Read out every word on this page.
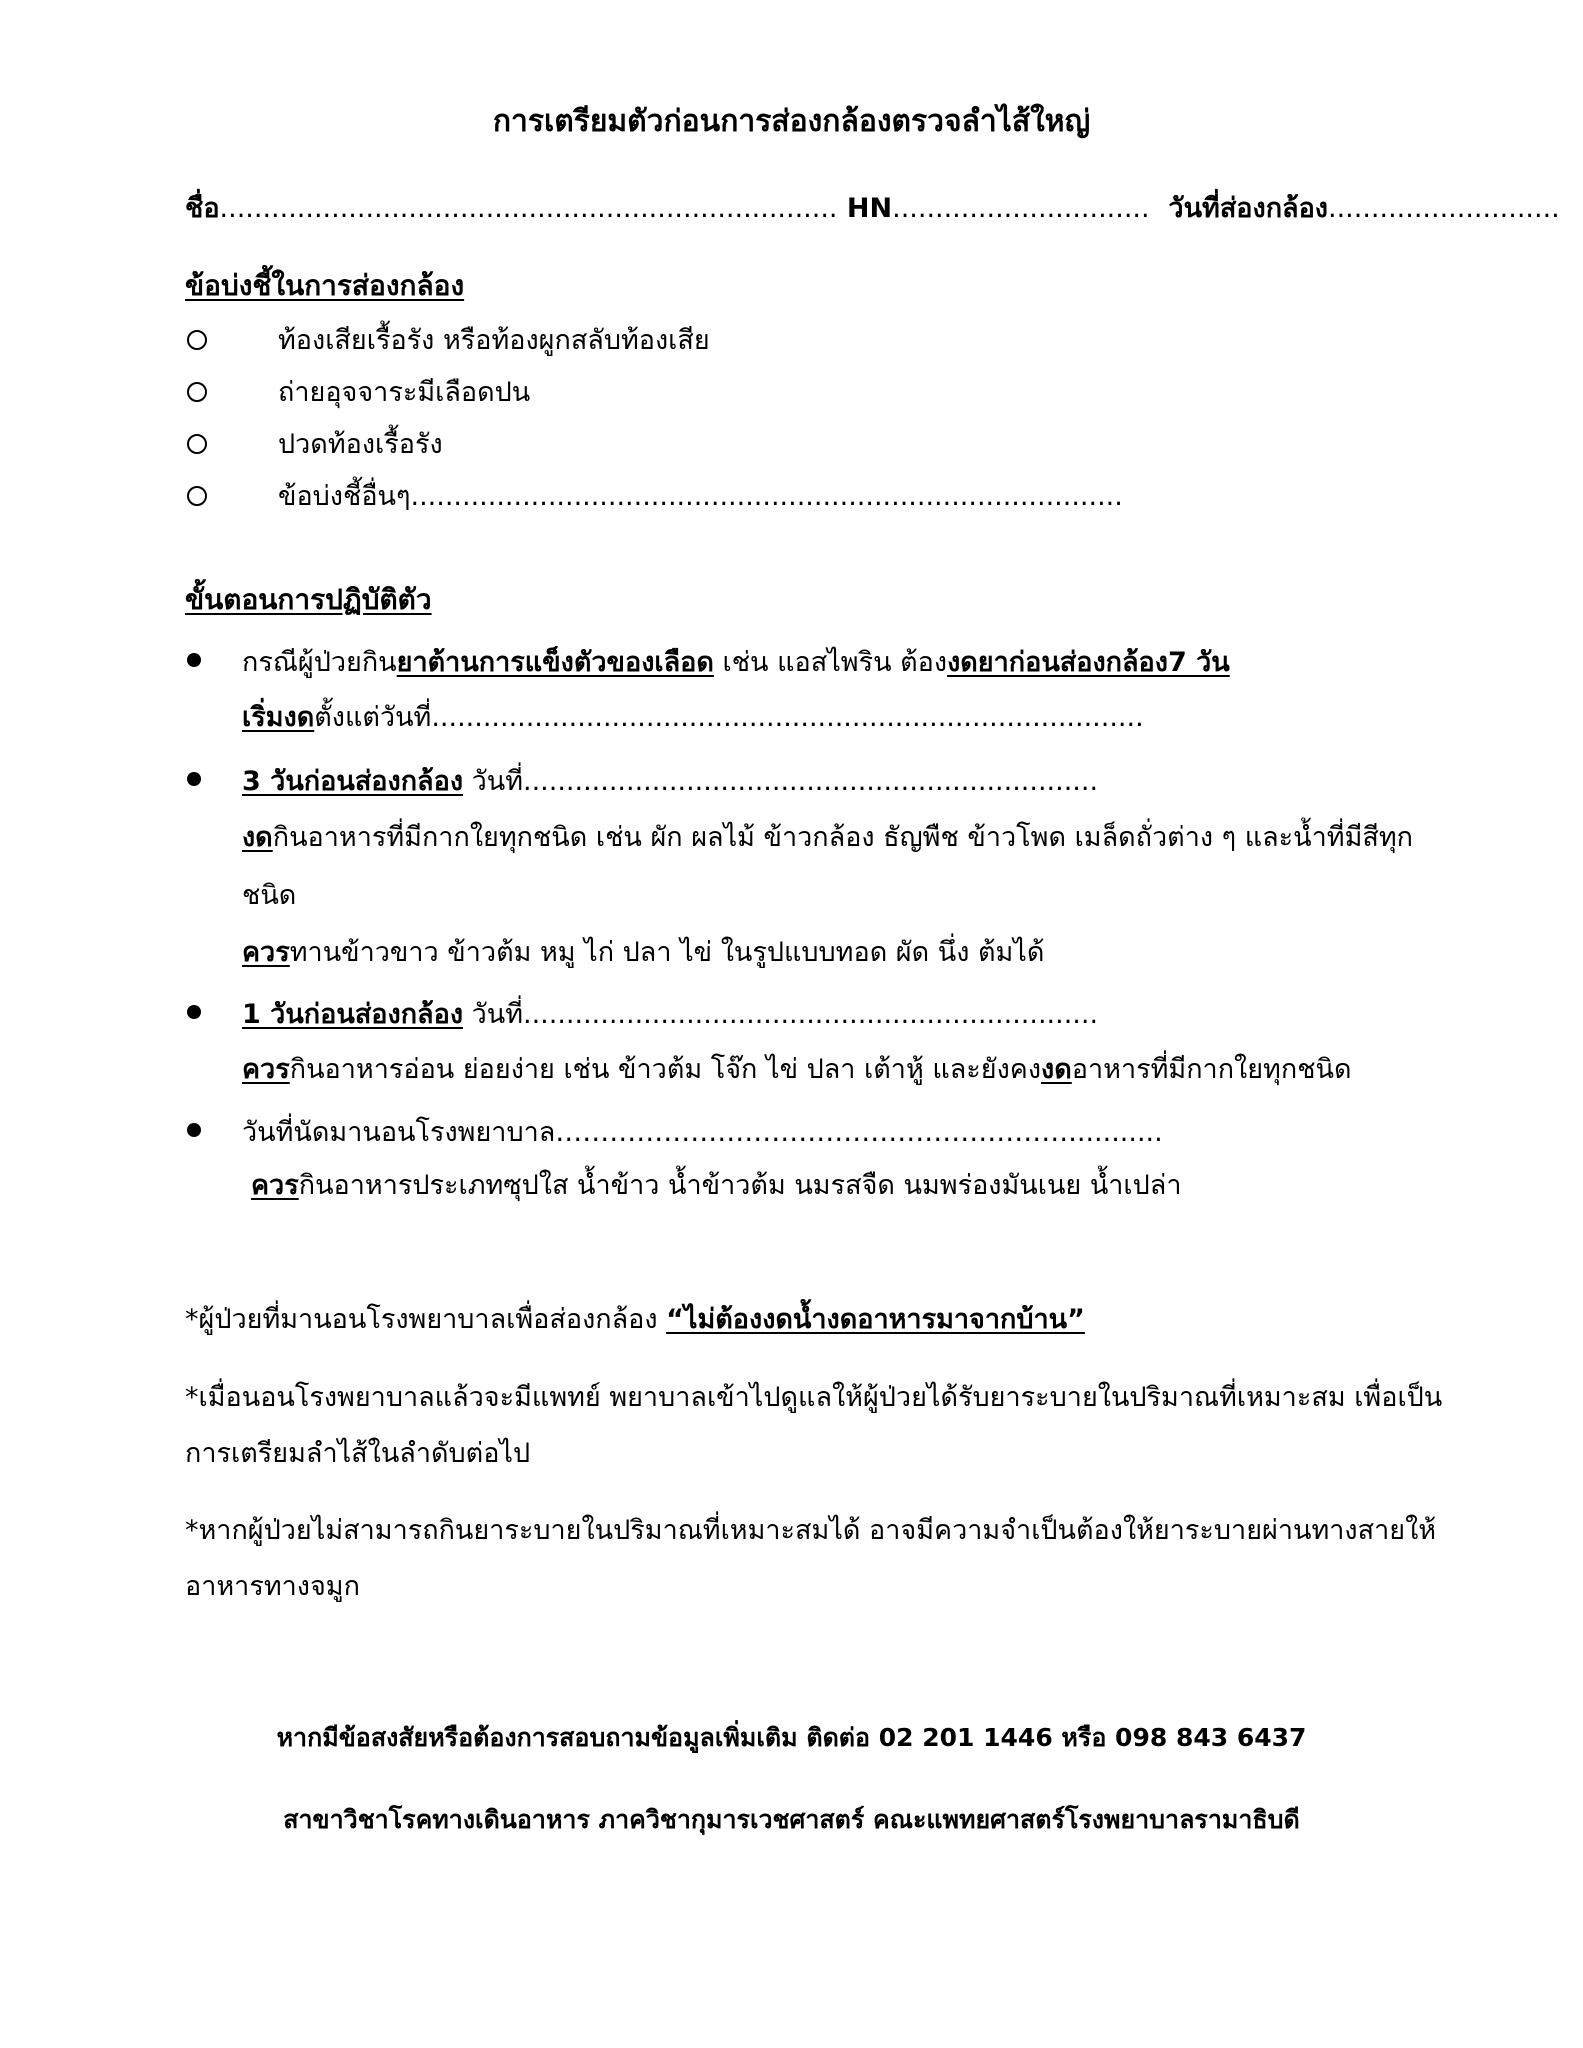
การเตรียมตัวก่อนการส่องกล้องตรวจลำไส้ใหญ่
ชื่อ........................................................................ HN.............................. วันที่ส่องกล้อง...........................
ข้อบ่งชี้ในการส่องกล้อง
ท้องเสียเรื้อรัง หรือท้องผูกสลับท้องเสีย
ถ่ายอุจจาระมีเลือดปน
ปวดท้องเรื้อรัง
ข้อบ่งชี้อื่นๆ...................................................................................
ขั้นตอนการปฏิบัติตัว
กรณีผู้ป่วยกินยาต้านการแข็งตัวของเลือด เช่น แอสไพริน ต้องงดยาก่อนส่องกล้อง7 วัน
เริ่มงดตั้งแต่วันที่...................................................................................
3 วันก่อนส่องกล้อง วันที่...................................................................
งดกินอาหารที่มีกากใยทุกชนิด เช่น ผัก ผลไม้ ข้าวกล้อง ธัญพืช ข้าวโพด เมล็ดถั่วต่าง ๆ และน้ำที่มีสีทุก
ชนิด
ควรทานข้าวขาว ข้าวต้ม หมู ไก่ ปลา ไข่ ในรูปแบบทอด ผัด นึ่ง ต้มได้
1 วันก่อนส่องกล้อง วันที่...................................................................
ควรกินอาหารอ่อน ย่อยง่าย เช่น ข้าวต้ม โจ๊ก ไข่ ปลา เต้าหู้ และยังคงงดอาหารที่มีกากใยทุกชนิด
วันที่นัดมานอนโรงพยาบาล…………………………………………………...........
ควรกินอาหารประเภทซุปใส น้ำข้าว น้ำข้าวต้ม นมรสจืด นมพร่องมันเนย น้ำเปล่า
*ผู้ป่วยที่มานอนโรงพยาบาลเพื่อส่องกล้อง “ไม่ต้องงดน้ำงดอาหารมาจากบ้าน”
*เมื่อนอนโรงพยาบาลแล้วจะมีแพทย์ พยาบาลเข้าไปดูแลให้ผู้ป่วยได้รับยาระบายในปริมาณที่เหมาะสม เพื่อเป็น
การเตรียมลำไส้ในลำดับต่อไป
*หากผู้ป่วยไม่สามารถกินยาระบายในปริมาณที่เหมาะสมได้ อาจมีความจำเป็นต้องให้ยาระบายผ่านทางสายให้
อาหารทางจมูก
หากมีข้อสงสัยหรือต้องการสอบถามข้อมูลเพิ่มเติม ติดต่อ 02 201 1446 หรือ 098 843 6437
สาขาวิชาโรคทางเดินอาหาร ภาควิชากุมารเวชศาสตร์ คณะแพทยศาสตร์โรงพยาบาลรามาธิบดี
